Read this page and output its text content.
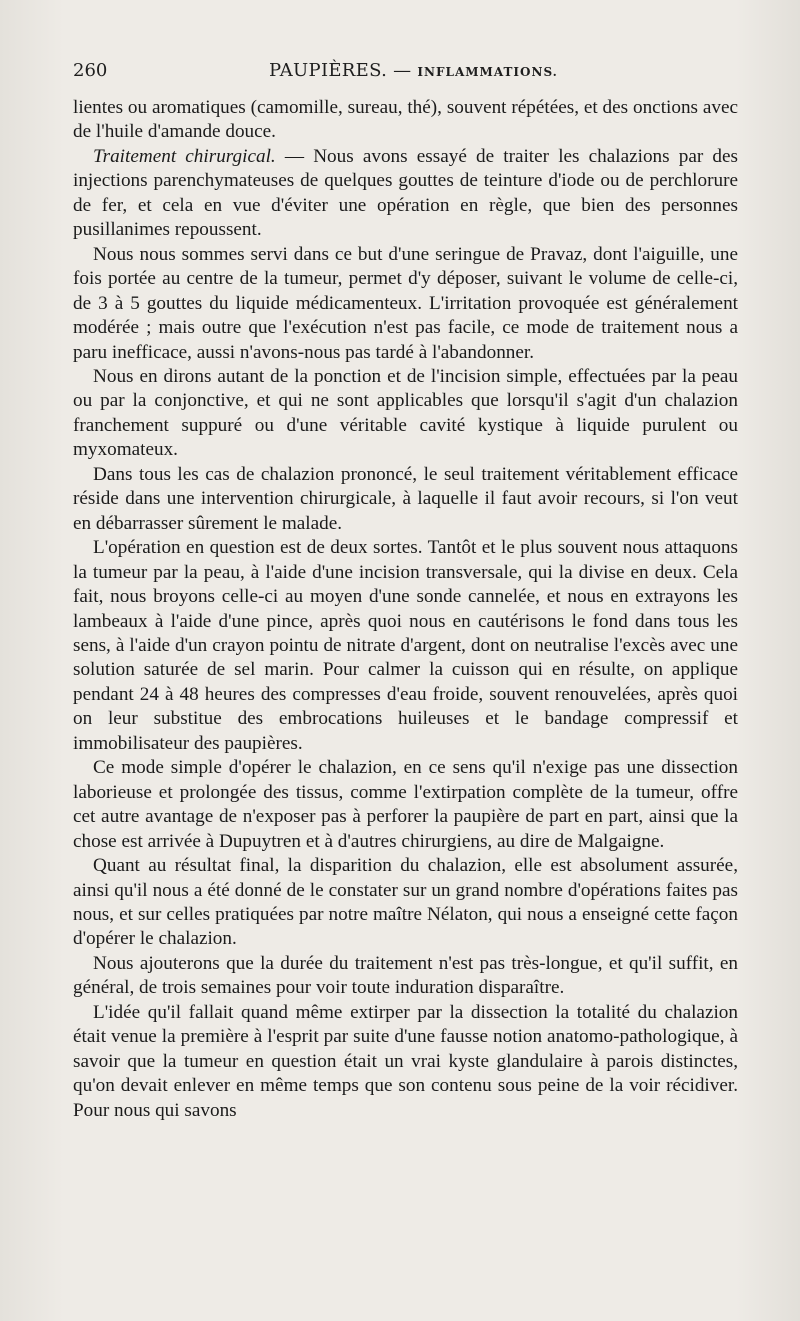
260	PAUPIÈRES. — INFLAMMATIONS.

lientes ou aromatiques (camomille, sureau, thé), souvent répétées, et des onctions avec de l'huile d'amande douce.

Traitement chirurgical. — Nous avons essayé de traiter les chalazions par des injections parenchymateuses de quelques gouttes de teinture d'iode ou de perchlorure de fer, et cela en vue d'éviter une opération en règle, que bien des personnes pusillanimes repoussent.

Nous nous sommes servi dans ce but d'une seringue de Pravaz, dont l'aiguille, une fois portée au centre de la tumeur, permet d'y déposer, suivant le volume de celle-ci, de 3 à 5 gouttes du liquide médicamenteux. L'irritation provoquée est généralement modérée ; mais outre que l'exécution n'est pas facile, ce mode de traitement nous a paru inefficace, aussi n'avons-nous pas tardé à l'abandonner.

Nous en dirons autant de la ponction et de l'incision simple, effectuées par la peau ou par la conjonctive, et qui ne sont applicables que lorsqu'il s'agit d'un chalazion franchement suppuré ou d'une véritable cavité kystique à liquide purulent ou myxomateux.

Dans tous les cas de chalazion prononcé, le seul traitement véritablement efficace réside dans une intervention chirurgicale, à laquelle il faut avoir recours, si l'on veut en débarrasser sûrement le malade.

L'opération en question est de deux sortes. Tantôt et le plus souvent nous attaquons la tumeur par la peau, à l'aide d'une incision transversale, qui la divise en deux. Cela fait, nous broyons celle-ci au moyen d'une sonde cannelée, et nous en extrayons les lambeaux à l'aide d'une pince, après quoi nous en cautérisons le fond dans tous les sens, à l'aide d'un crayon pointu de nitrate d'argent, dont on neutralise l'excès avec une solution saturée de sel marin. Pour calmer la cuisson qui en résulte, on applique pendant 24 à 48 heures des compresses d'eau froide, souvent renouvelées, après quoi on leur substitue des embrocations huileuses et le bandage compressif et immobilisateur des paupières.

Ce mode simple d'opérer le chalazion, en ce sens qu'il n'exige pas une dissection laborieuse et prolongée des tissus, comme l'extirpation complète de la tumeur, offre cet autre avantage de n'exposer pas à perforer la paupière de part en part, ainsi que la chose est arrivée à Dupuytren et à d'autres chirurgiens, au dire de Malgaigne.

Quant au résultat final, la disparition du chalazion, elle est absolument assurée, ainsi qu'il nous a été donné de le constater sur un grand nombre d'opérations faites pas nous, et sur celles pratiquées par notre maître Nélaton, qui nous a enseigné cette façon d'opérer le chalazion.

Nous ajouterons que la durée du traitement n'est pas très-longue, et qu'il suffit, en général, de trois semaines pour voir toute induration disparaître.

L'idée qu'il fallait quand même extirper par la dissection la totalité du chalazion était venue la première à l'esprit par suite d'une fausse notion anatomo-pathologique, à savoir que la tumeur en question était un vrai kyste glandulaire à parois distinctes, qu'on devait enlever en même temps que son contenu sous peine de la voir récidiver. Pour nous qui savons
